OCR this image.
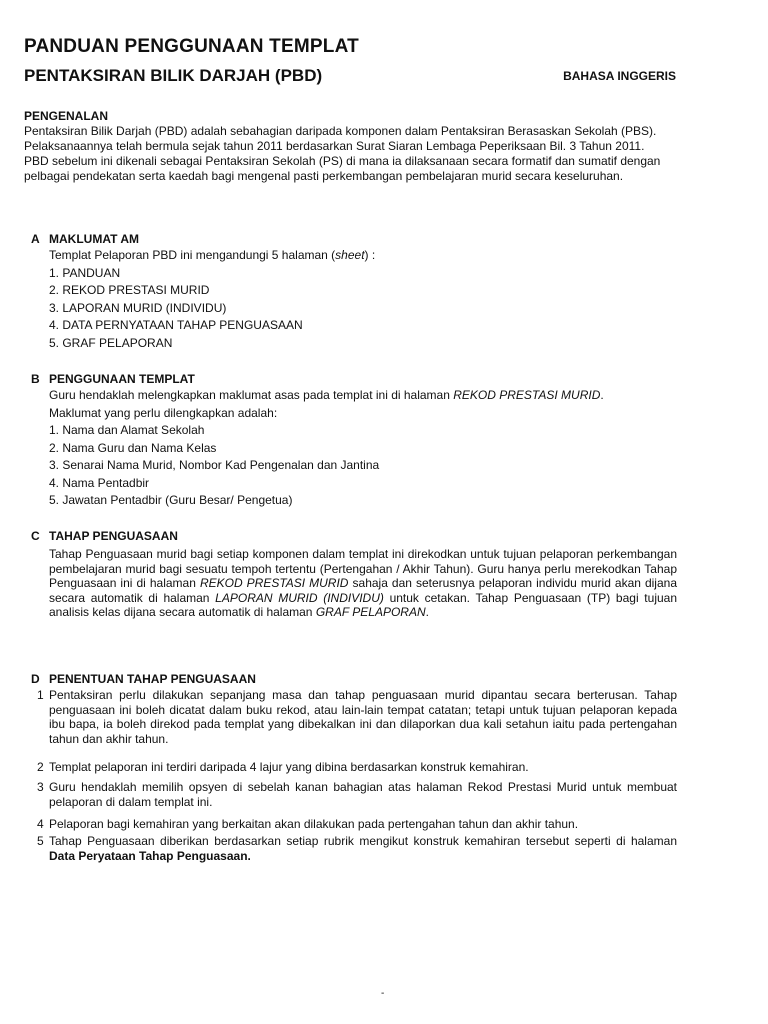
PANDUAN PENGGUNAAN TEMPLAT
PENTAKSIRAN BILIK DARJAH (PBD)	BAHASA INGGERIS
PENGENALAN
Pentaksiran Bilik Darjah (PBD) adalah sebahagian daripada komponen dalam Pentaksiran Berasaskan Sekolah (PBS).
Pelaksanaannya telah bermula sejak tahun 2011 berdasarkan Surat Siaran Lembaga Peperiksaan Bil. 3 Tahun 2011.
PBD sebelum ini dikenali sebagai Pentaksiran Sekolah (PS) di mana ia dilaksanaan secara formatif dan sumatif dengan
pelbagai pendekatan serta kaedah bagi mengenal pasti perkembangan pembelajaran murid secara keseluruhan.
A MAKLUMAT AM
Templat Pelaporan PBD ini mengandungi 5 halaman (sheet) :
1. PANDUAN
2. REKOD PRESTASI MURID
3. LAPORAN MURID (INDIVIDU)
4. DATA PERNYATAAN TAHAP PENGUASAAN
5. GRAF PELAPORAN
B PENGGUNAAN TEMPLAT
Guru hendaklah melengkapkan maklumat asas pada templat ini di halaman REKOD PRESTASI MURID.
Maklumat yang perlu dilengkapkan adalah:
1. Nama dan Alamat Sekolah
2. Nama Guru dan Nama Kelas
3. Senarai Nama Murid, Nombor Kad Pengenalan dan Jantina
4. Nama Pentadbir
5. Jawatan Pentadbir (Guru Besar/ Pengetua)
C TAHAP PENGUASAAN
Tahap Penguasaan murid bagi setiap komponen dalam templat ini direkodkan untuk tujuan pelaporan perkembangan pembelajaran murid bagi sesuatu tempoh tertentu (Pertengahan / Akhir Tahun). Guru hanya perlu merekodkan Tahap Penguasaan ini di halaman REKOD PRESTASI MURID sahaja dan seterusnya pelaporan individu murid akan dijana secara automatik di halaman LAPORAN MURID (INDIVIDU) untuk cetakan. Tahap Penguasaan (TP) bagi tujuan analisis kelas dijana secara automatik di halaman GRAF PELAPORAN.
D PENENTUAN TAHAP PENGUASAAN
1 Pentaksiran perlu dilakukan sepanjang masa dan tahap penguasaan murid dipantau secara berterusan. Tahap penguasaan ini boleh dicatat dalam buku rekod, atau lain-lain tempat catatan; tetapi untuk tujuan pelaporan kepada ibu bapa, ia boleh direkod pada templat yang dibekalkan ini dan dilaporkan dua kali setahun iaitu pada pertengahan tahun dan akhir tahun.
2 Templat pelaporan ini terdiri daripada 4 lajur yang dibina berdasarkan konstruk kemahiran.
3 Guru hendaklah memilih opsyen di sebelah kanan bahagian atas halaman Rekod Prestasi Murid untuk membuat pelaporan di dalam templat ini.
4 Pelaporan bagi kemahiran yang berkaitan akan dilakukan pada pertengahan tahun dan akhir tahun.
5 Tahap Penguasaan diberikan berdasarkan setiap rubrik mengikut konstruk kemahiran tersebut seperti di halaman Data Peryataan Tahap Penguasaan.
-
